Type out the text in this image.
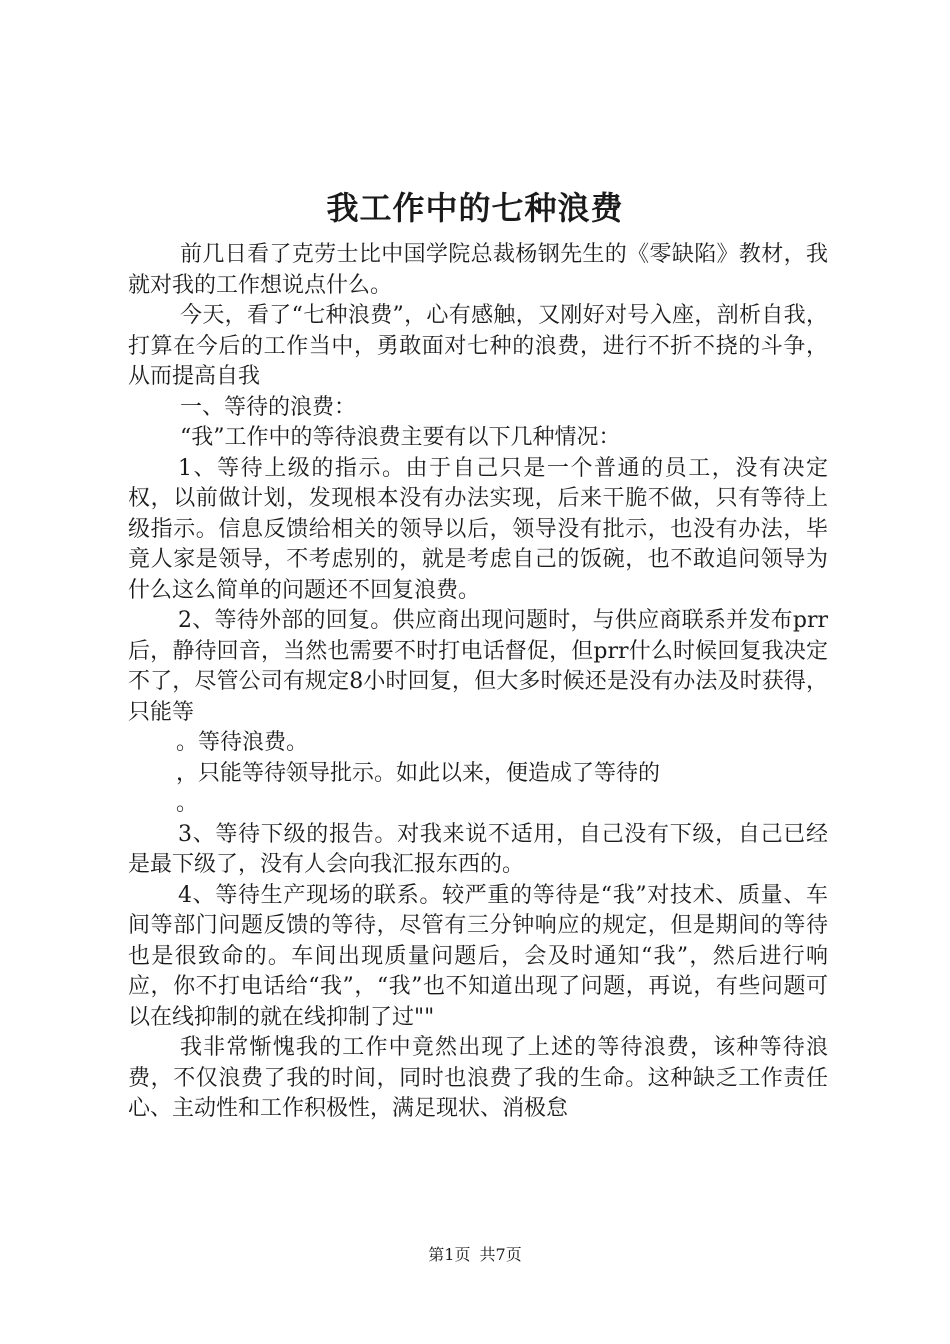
我工作中的七种浪费

前几日看了克劳士比中国学院总裁杨钢先生的《零缺陷》教材，我就对我的工作想说点什么。

今天，看了“七种浪费”，心有感触，又刚好对号入座，剖析自我，打算在今后的工作当中，勇敢面对七种的浪费，进行不折不挠的斗争，从而提高自我

一、等待的浪费：

“我”工作中的等待浪费主要有以下几种情况：

1、等待上级的指示。由于自己只是一个普通的员工，没有决定权，以前做计划，发现根本没有办法实现，后来干脆不做，只有等待上级指示。信息反馈给相关的领导以后，领导没有批示，也没有办法，毕竟人家是领导，不考虑别的，就是考虑自己的饭碗，也不敢追问领导为什么这么简单的问题还不回复浪费。

2、等待外部的回复。供应商出现问题时，与供应商联系并发布prr后，静待回音，当然也需要不时打电话督促，但prr什么时候回复我决定不了，尽管公司有规定8小时回复，但大多时候还是没有办法及时获得，只能等

。等待浪费。

，只能等待领导批示。如此以来，便造成了等待的

。

3、等待下级的报告。对我来说不适用，自己没有下级，自己已经是最下级了，没有人会向我汇报东西的。

4、等待生产现场的联系。较严重的等待是“我”对技术、质量、车间等部门问题反馈的等待，尽管有三分钟响应的规定，但是期间的等待也是很致命的。车间出现质量问题后，会及时通知“我”，然后进行响应，你不打电话给“我”，“我”也不知道出现了问题，再说，有些问题可以在线抑制的就在线抑制了过""

我非常惭愧我的工作中竟然出现了上述的等待浪费，该种等待浪费，不仅浪费了我的时间，同时也浪费了我的生命。这种缺乏工作责任心、主动性和工作积极性，满足现状、消极怠

第1页 共7页
